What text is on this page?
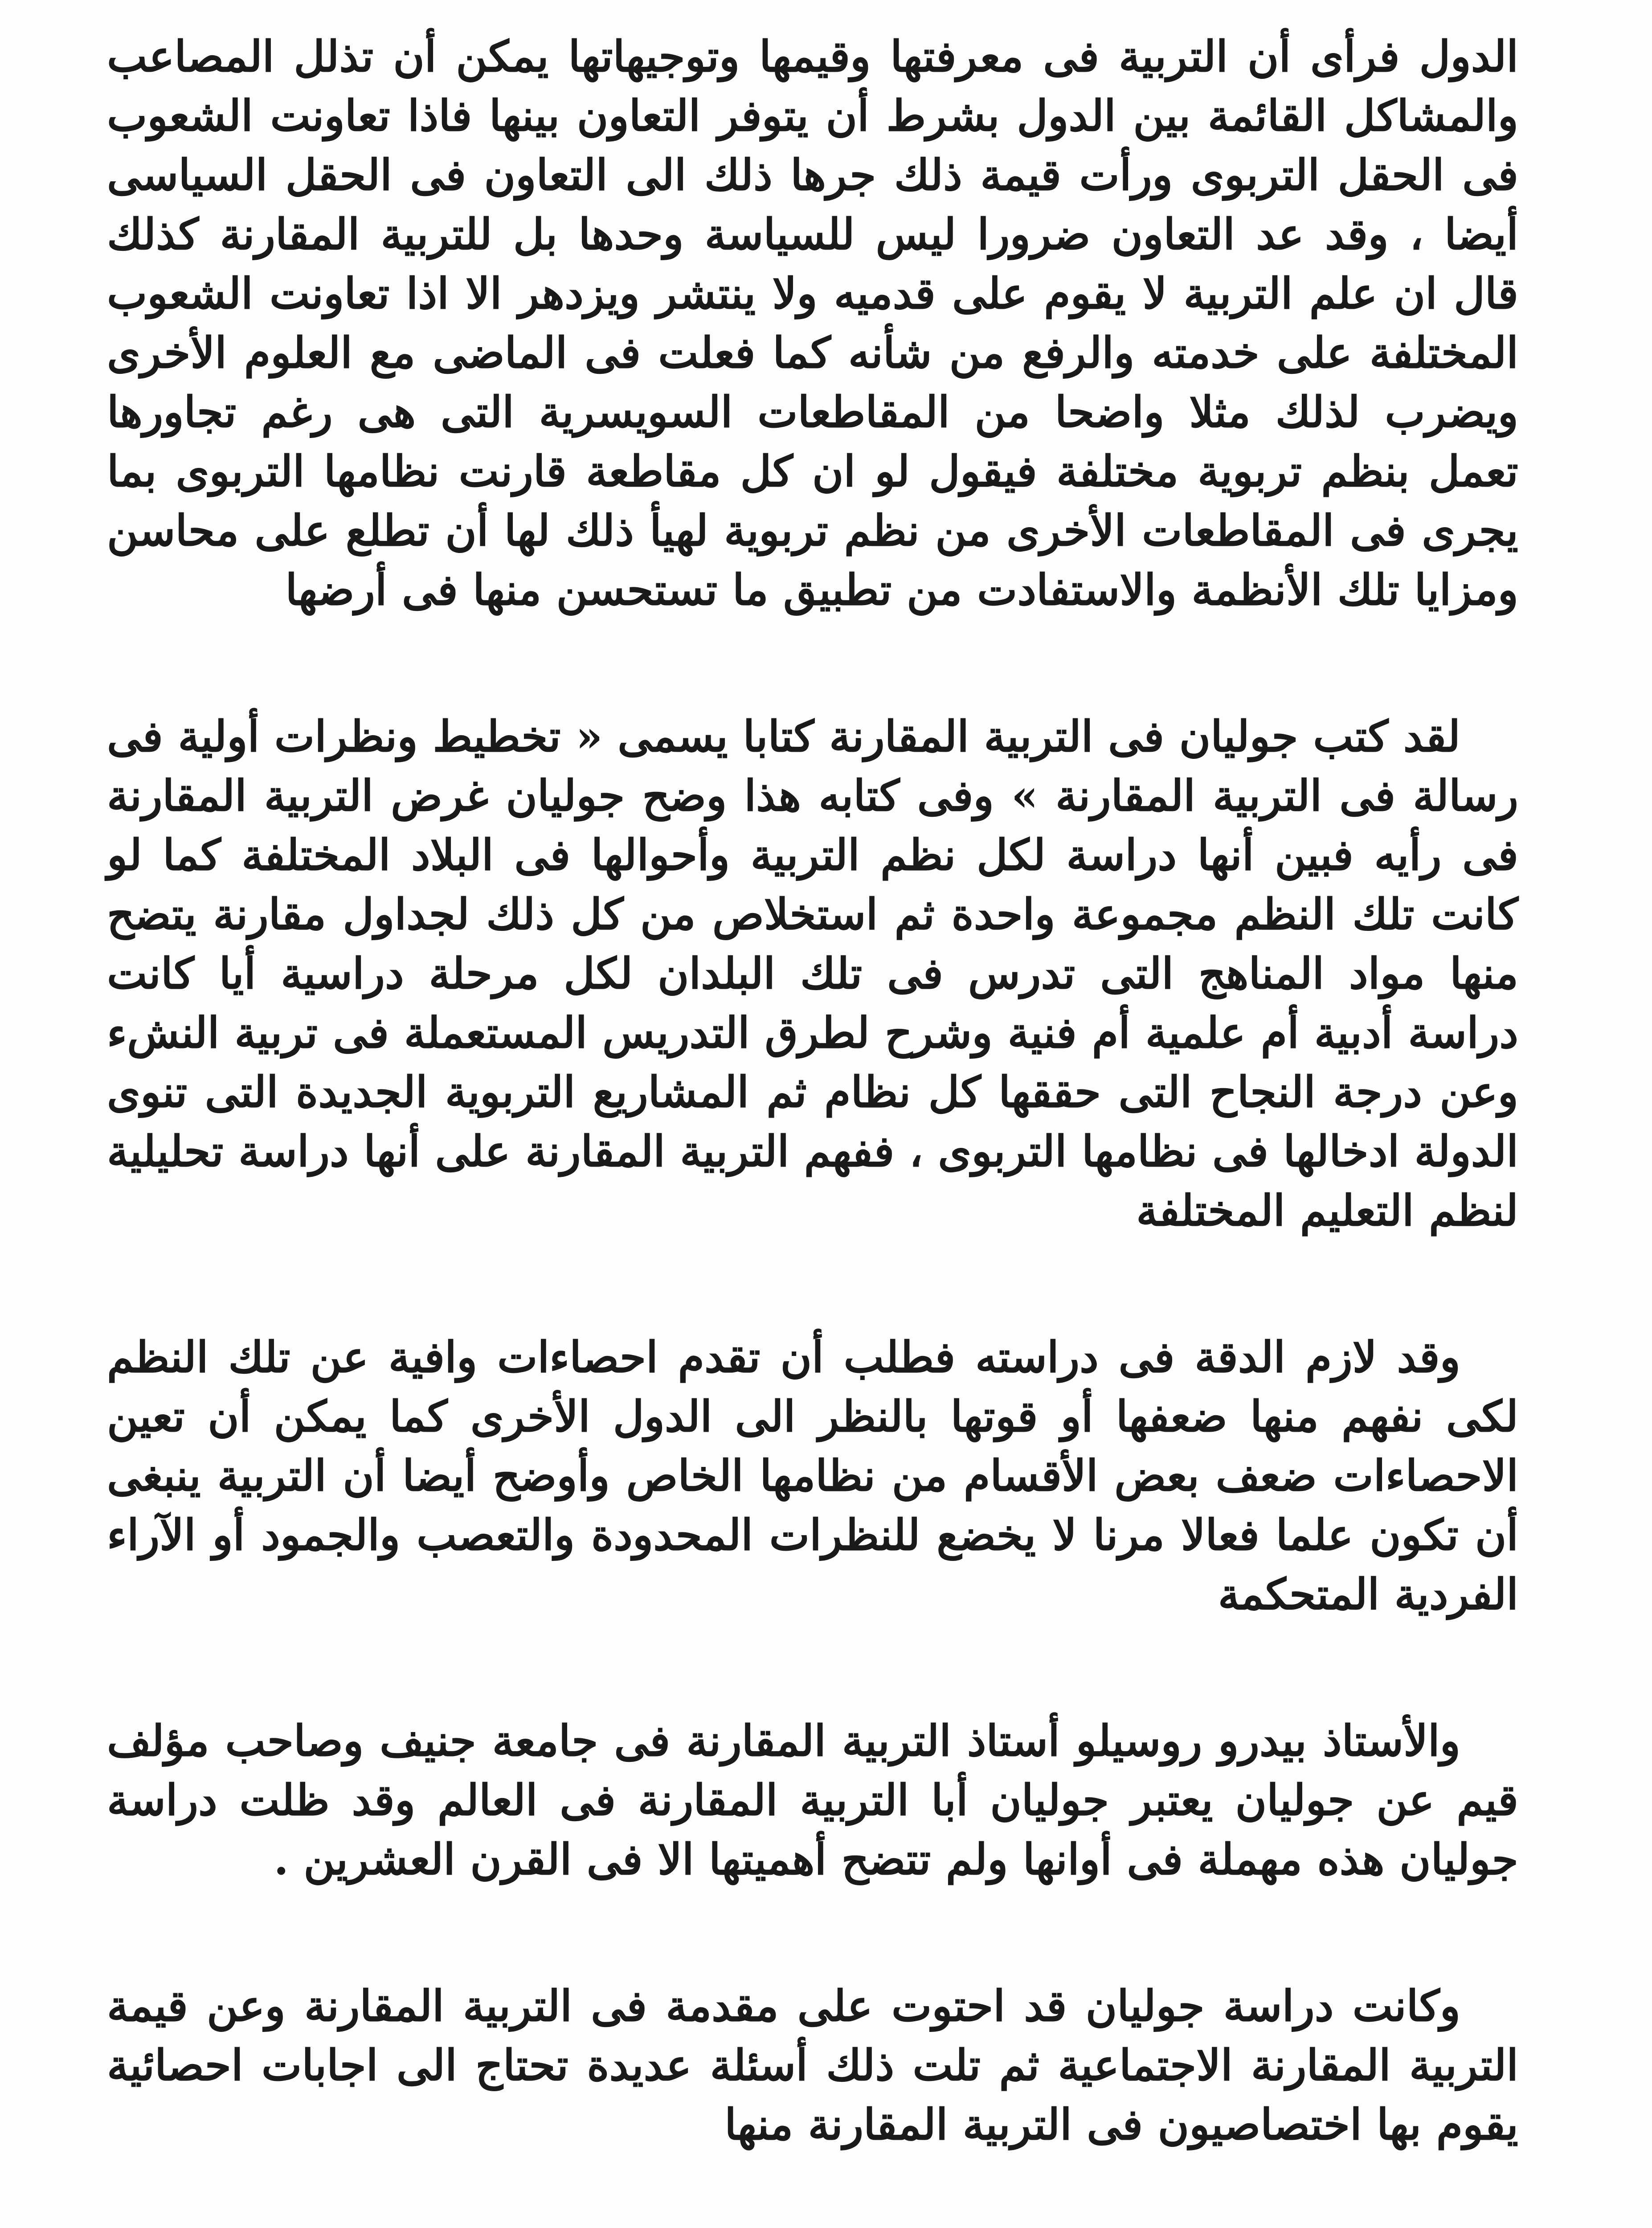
الدول فرأى أن التربية فى معرفتها وقيمها وتوجيهاتها يمكن أن تذلل المصاعب والمشاكل القائمة بين الدول بشرط أن يتوفر التعاون بينها فاذا تعاونت الشعوب فى الحقل التربوى ورأت قيمة ذلك جرها ذلك الى التعاون فى الحقل السياسى أيضا ، وقد عد التعاون ضرورا ليس للسياسة وحدها بل للتربية المقارنة كذلك قال ان علم التربية لا يقوم على قدميه ولا ينتشر ويزدهر الا اذا تعاونت الشعوب المختلفة على خدمته والرفع من شأنه كما فعلت فى الماضى مع العلوم الأخرى ويضرب لذلك مثلا واضحا من المقاطعات السويسرية التى هى رغم تجاورها تعمل بنظم تربوية مختلفة فيقول لو ان كل مقاطعة قارنت نظامها التربوى بما يجرى فى المقاطعات الأخرى من نظم تربوية لهيأ ذلك لها أن تطلع على محاسن ومزايا تلك الأنظمة والاستفادت من تطبيق ما تستحسن منها فى أرضها

لقد كتب جوليان فى التربية المقارنة كتابا يسمى « تخطيط ونظرات أولية فى رسالة فى التربية المقارنة » وفى كتابه هذا وضح جوليان غرض التربية المقارنة فى رأيه فبين أنها دراسة لكل نظم التربية وأحوالها فى البلاد المختلفة كما لو كانت تلك النظم مجموعة واحدة ثم استخلاص من كل ذلك لجداول مقارنة يتضح منها مواد المناهج التى تدرس فى تلك البلدان لكل مرحلة دراسية أيا كانت دراسة أدبية أم علمية أم فنية وشرح لطرق التدريس المستعملة فى تربية النشء وعن درجة النجاح التى حققها كل نظام ثم المشاريع التربوية الجديدة التى تنوى الدولة ادخالها فى نظامها التربوى ، ففهم التربية المقارنة على أنها دراسة تحليلية لنظم التعليم المختلفة

وقد لازم الدقة فى دراسته فطلب أن تقدم احصاءات وافية عن تلك النظم لكى نفهم منها ضعفها أو قوتها بالنظر الى الدول الأخرى كما يمكن أن تعين الاحصاءات ضعف بعض الأقسام من نظامها الخاص وأوضح أيضا أن التربية ينبغى أن تكون علما فعالا مرنا لا يخضع للنظرات المحدودة والتعصب والجمود أو الآراء الفردية المتحكمة

والأستاذ بيدرو روسيلو أستاذ التربية المقارنة فى جامعة جنيف وصاحب مؤلف قيم عن جوليان يعتبر جوليان أبا التربية المقارنة فى العالم وقد ظلت دراسة جوليان هذه مهملة فى أوانها ولم تتضح أهميتها الا فى القرن العشرين .

وكانت دراسة جوليان قد احتوت على مقدمة فى التربية المقارنة وعن قيمة التربية المقارنة الاجتماعية ثم تلت ذلك أسئلة عديدة تحتاج الى اجابات احصائية يقوم بها اختصاصيون فى التربية المقارنة منها
